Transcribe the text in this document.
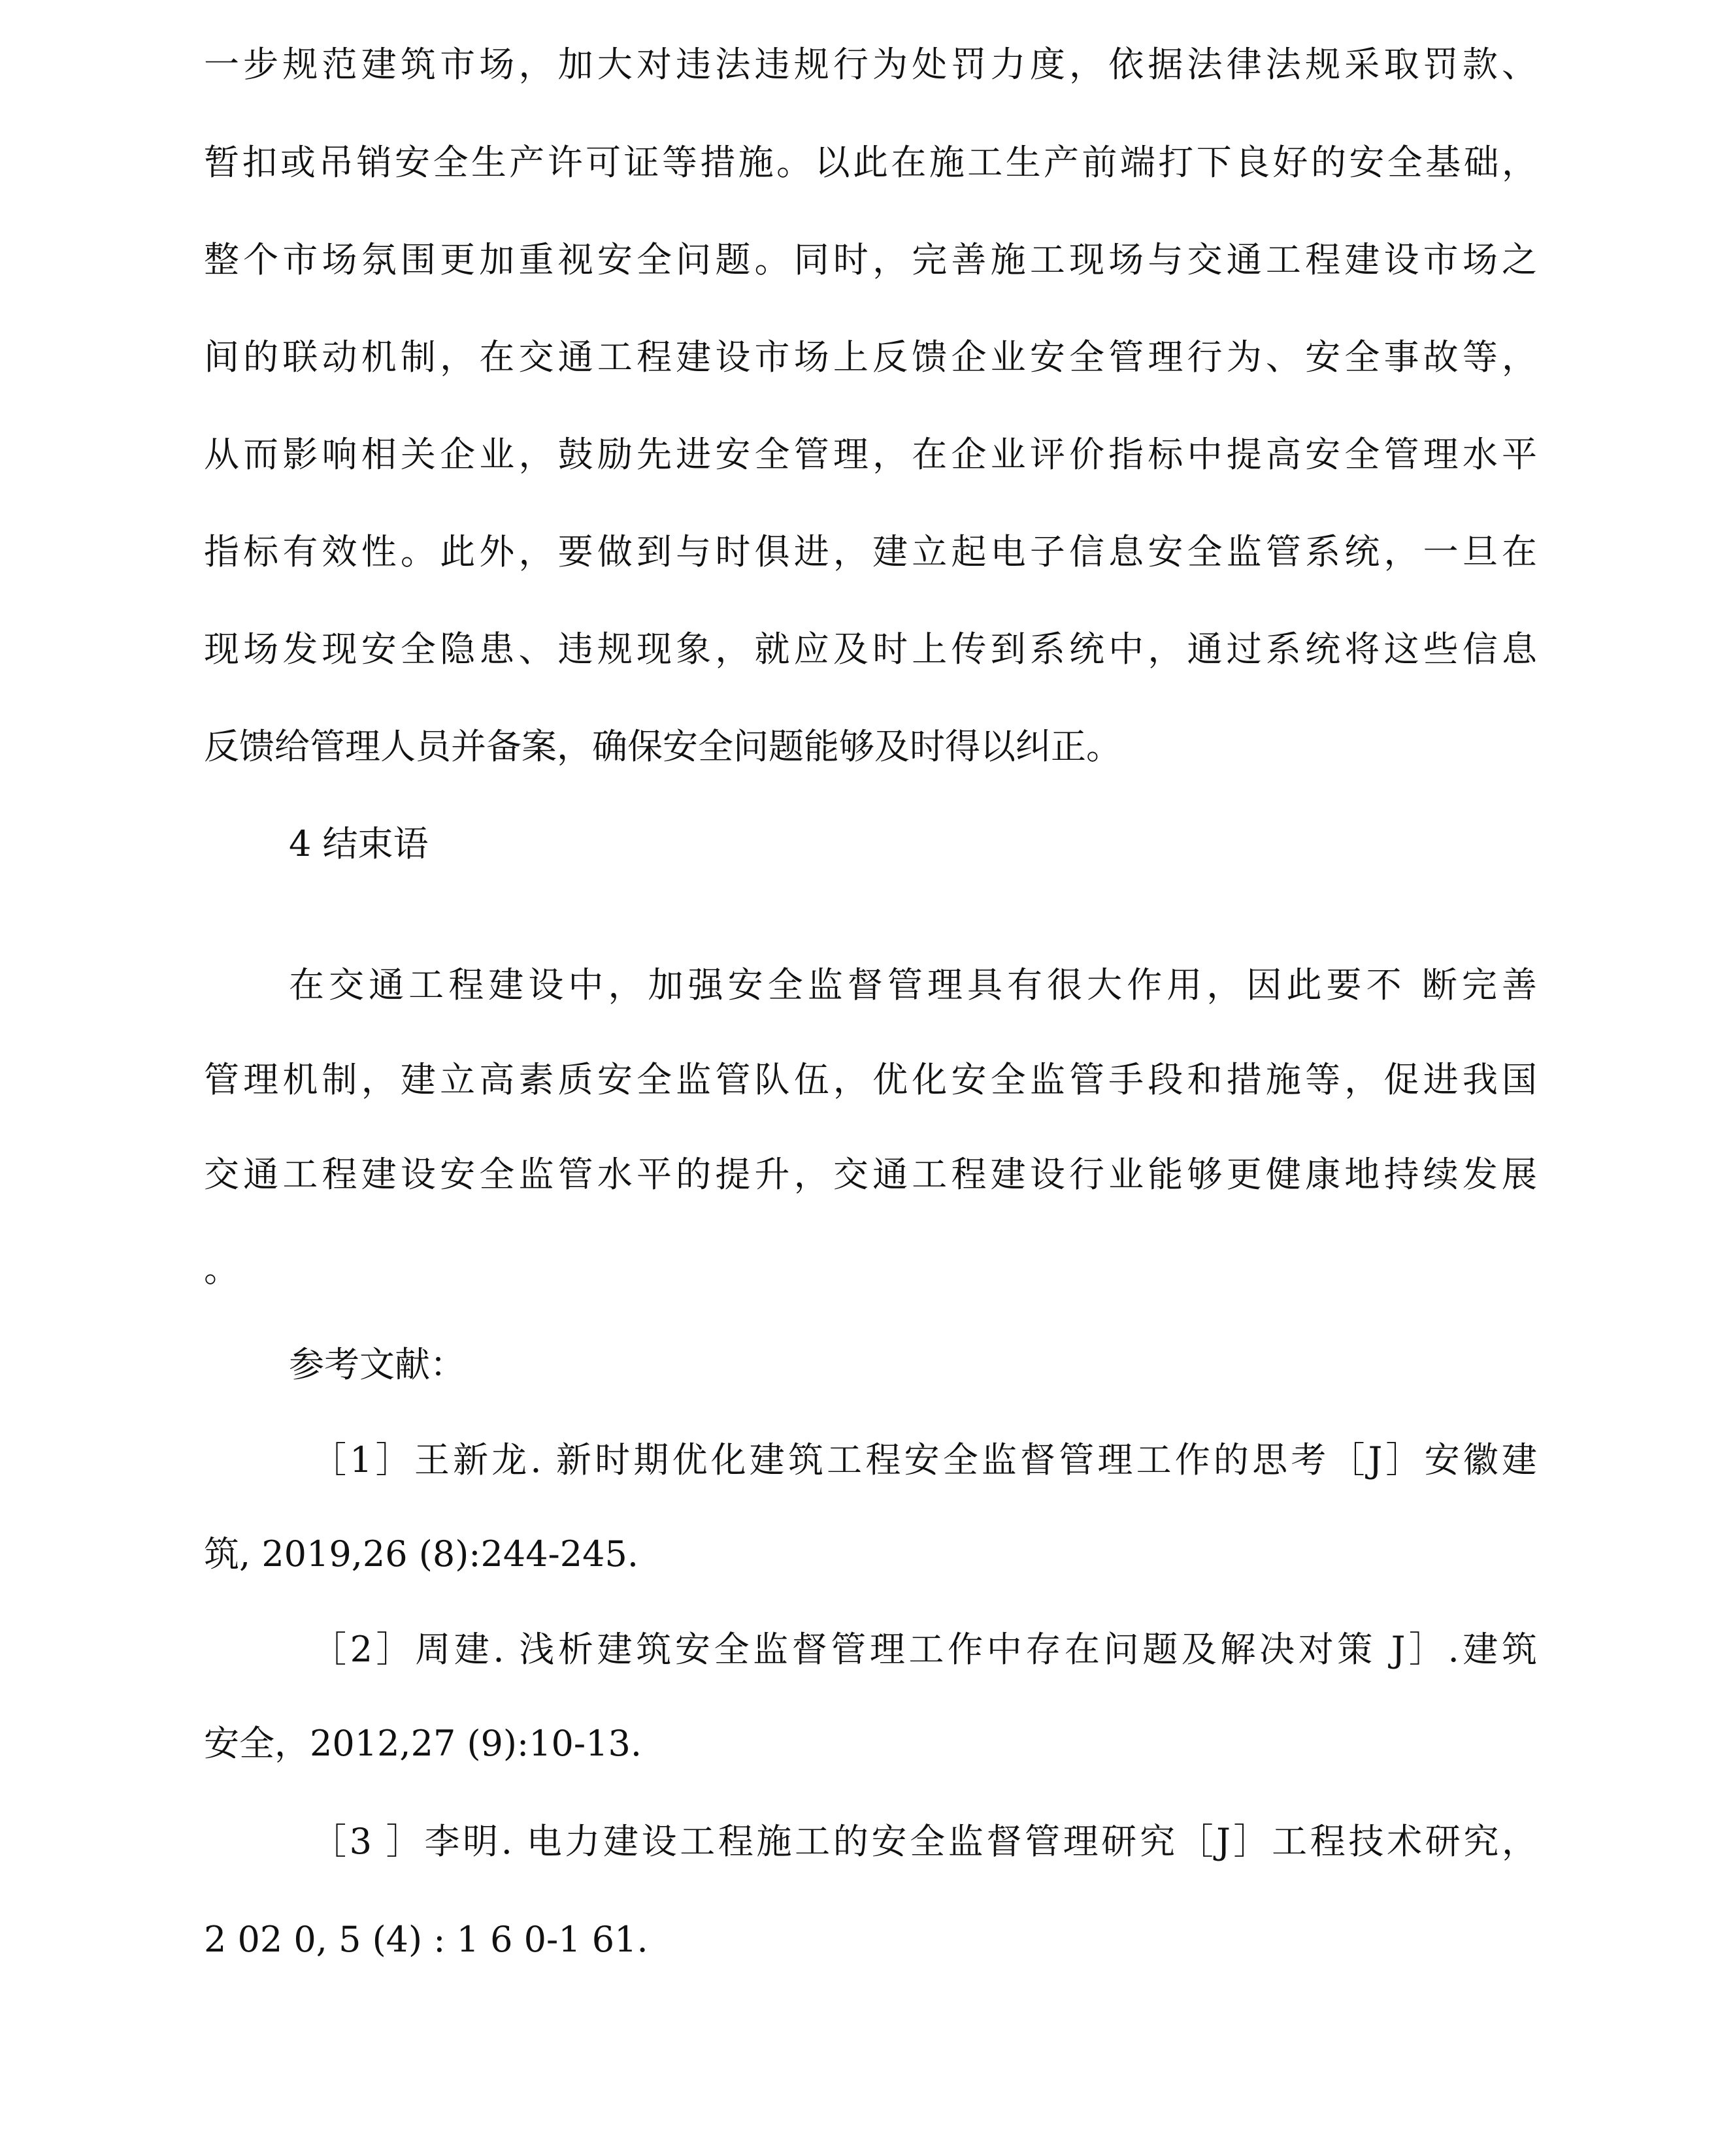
一步规范建筑市场，加大对违法违规行为处罚力度，依据法律法规采取罚款、
暂扣或吊销安全生产许可证等措施。以此在施工生产前端打下良好的安全基础，
整个市场氛围更加重视安全问题。同时，完善施工现场与交通工程建设市场之
间的联动机制，在交通工程建设市场上反馈企业安全管理行为、安全事故等，
从而影响相关企业，鼓励先进安全管理，在企业评价指标中提高安全管理水平
指标有效性。此外，要做到与时俱进，建立起电子信息安全监管系统，一旦在
现场发现安全隐患、违规现象，就应及时上传到系统中，通过系统将这些信息
反馈给管理人员并备案，确保安全问题能够及时得以纠正。
4 结束语
在交通工程建设中，加强安全监督管理具有很大作用，因此要不 断完善
管理机制，建立高素质安全监管队伍，优化安全监管手段和措施等，促进我国
交通工程建设安全监管水平的提升，交通工程建设行业能够更健康地持续发展
。
参考文献：
［1］王新龙. 新时期优化建筑工程安全监督管理工作的思考［J］安徽建
筑, 2019,26 (8):244-245.
［2］周建. 浅析建筑安全监督管理工作中存在问题及解决对策 J］.建筑
安全，2012,27 (9):10-13.
［3 ］李明. 电力建设工程施工的安全监督管理研究［J］工程技术研究，
2 02 0, 5 (4) : 1 6 0-1 61.
